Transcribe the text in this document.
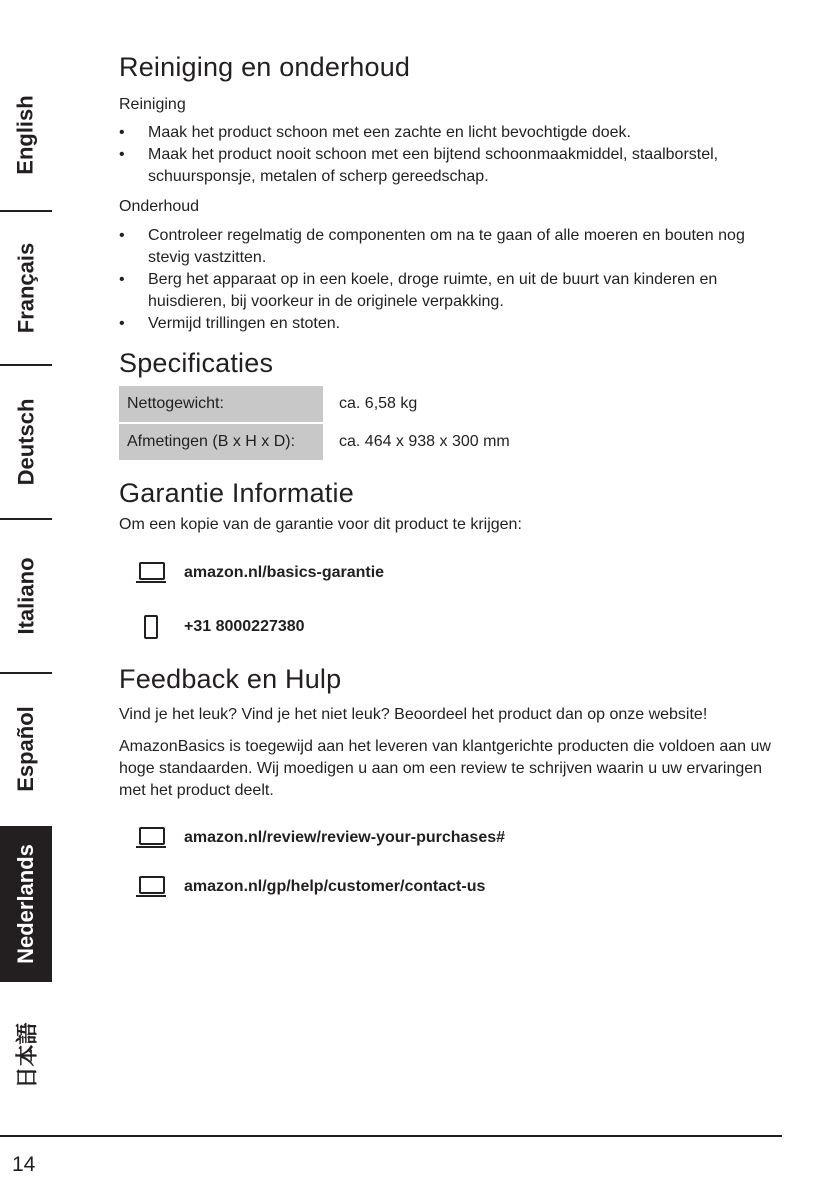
English
Français
Deutsch
Italiano
Español
Nederlands
日本語
Reiniging en onderhoud
Reiniging
• Maak het product schoon met een zachte en licht bevochtigde doek.
• Maak het product nooit schoon met een bijtend schoonmaakmiddel, staalborstel, schuursponsje, metalen of scherp gereedschap.
Onderhoud
• Controleer regelmatig de componenten om na te gaan of alle moeren en bouten nog stevig vastzitten.
• Berg het apparaat op in een koele, droge ruimte, en uit de buurt van kinderen en huisdieren, bij voorkeur in de originele verpakking.
• Vermijd trillingen en stoten.
Specificaties
Nettogewicht:	ca. 6,58 kg
Afmetingen (B x H x D):	ca. 464 x 938 x 300 mm
Garantie Informatie

Om een kopie van de garantie voor dit product te krijgen:

amazon.nl/basics-garantie
+31 8000227380
Feedback en Hulp

Vind je het leuk? Vind je het niet leuk? Beoordeel het product dan op onze website!

AmazonBasics is toegewijd aan het leveren van klantgerichte producten die voldoen aan uw hoge standaarden. Wij moedigen u aan om een review te schrijven waarin u uw ervaringen met het product deelt.

amazon.nl/review/review-your-purchases#
amazon.nl/gp/help/customer/contact-us
14
